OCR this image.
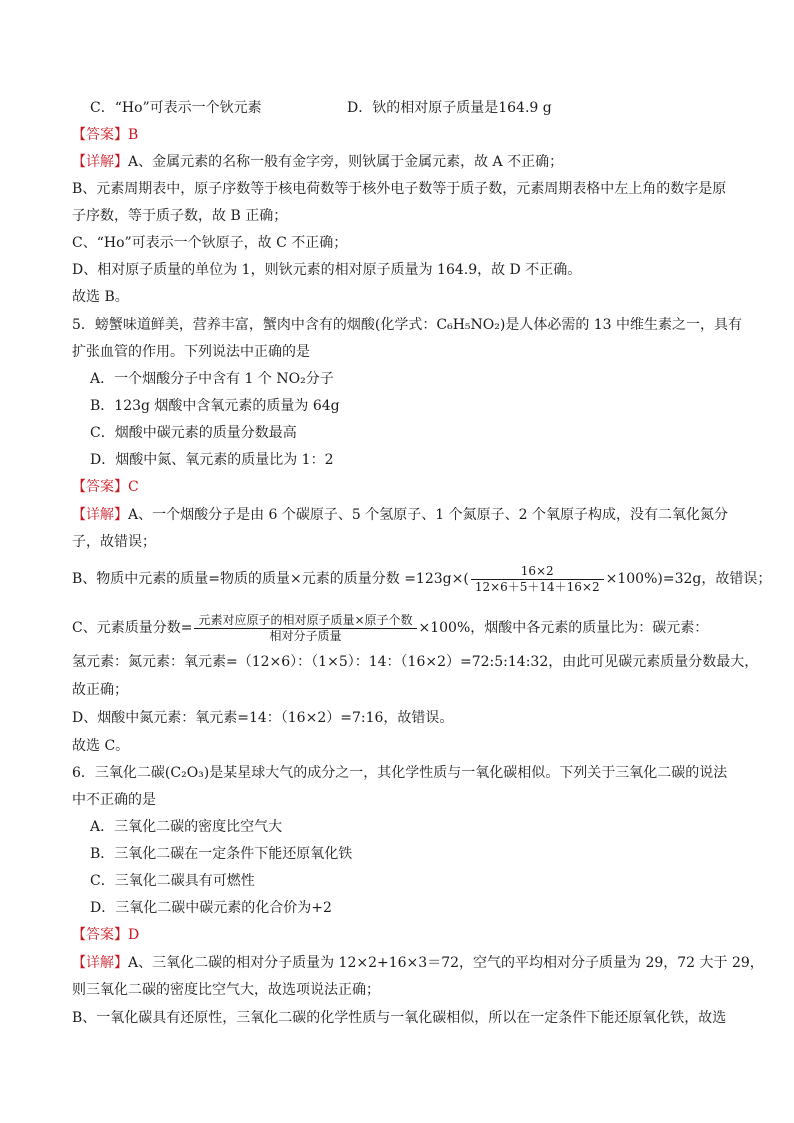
C．“Ho”可表示一个钬元素	D．钬的相对原子质量是164.9 g
【答案】B
【详解】A、金属元素的名称一般有金字旁，则钬属于金属元素，故 A 不正确；
B、元素周期表中，原子序数等于核电荷数等于核外电子数等于质子数，元素周期表格中左上角的数字是原
子序数，等于质子数，故 B 正确；
C、“Ho”可表示一个钬原子，故 C 不正确；
D、相对原子质量的单位为 1，则钬元素的相对原子质量为 164.9，故 D 不正确。
故选 B。
5．螃蟹味道鲜美，营养丰富，蟹肉中含有的烟酸(化学式：C₆H₅NO₂)是人体必需的 13 中维生素之一，具有
扩张血管的作用。下列说法中正确的是
A．一个烟酸分子中含有 1 个 NO₂分子
B．123g 烟酸中含氧元素的质量为 64g
C．烟酸中碳元素的质量分数最高
D．烟酸中氮、氧元素的质量比为 1：2
【答案】C
【详解】A、一个烟酸分子是由 6 个碳原子、5 个氢原子、1 个氮原子、2 个氧原子构成，没有二氧化氮分
子，故错误；
B、物质中元素的质量=物质的质量×元素的质量分数 $=123g\times( \frac{16\times 2}{12\times 6+5+14+16\times 2} \times 100\%)=32g$，故错误；
C、元素质量分数= $\frac{\text{元素对应原子的相对原子质量×原子个数}}{\text{相对分子质量}} \times 100\%$，烟酸中各元素的质量比为：碳元素：
氢元素：氮元素：氧元素=（12×6）：（1×5）：14：（16×2）=72:5:14:32，由此可见碳元素质量分数最大，
故正确；
D、烟酸中氮元素：氧元素=14：（16×2）=7:16，故错误。
故选 C。
6．三氧化二碳(C₂O₃)是某星球大气的成分之一，其化学性质与一氧化碳相似。下列关于三氧化二碳的说法
中不正确的是
A．三氧化二碳的密度比空气大
B．三氧化二碳在一定条件下能还原氧化铁
C．三氧化二碳具有可燃性
D．三氧化二碳中碳元素的化合价为+2
【答案】D
【详解】A、三氧化二碳的相对分子质量为 12×2+16×3＝72，空气的平均相对分子质量为 29，72 大于 29，
则三氧化二碳的密度比空气大，故选项说法正确；
B、一氧化碳具有还原性，三氧化二碳的化学性质与一氧化碳相似，所以在一定条件下能还原氧化铁，故选
